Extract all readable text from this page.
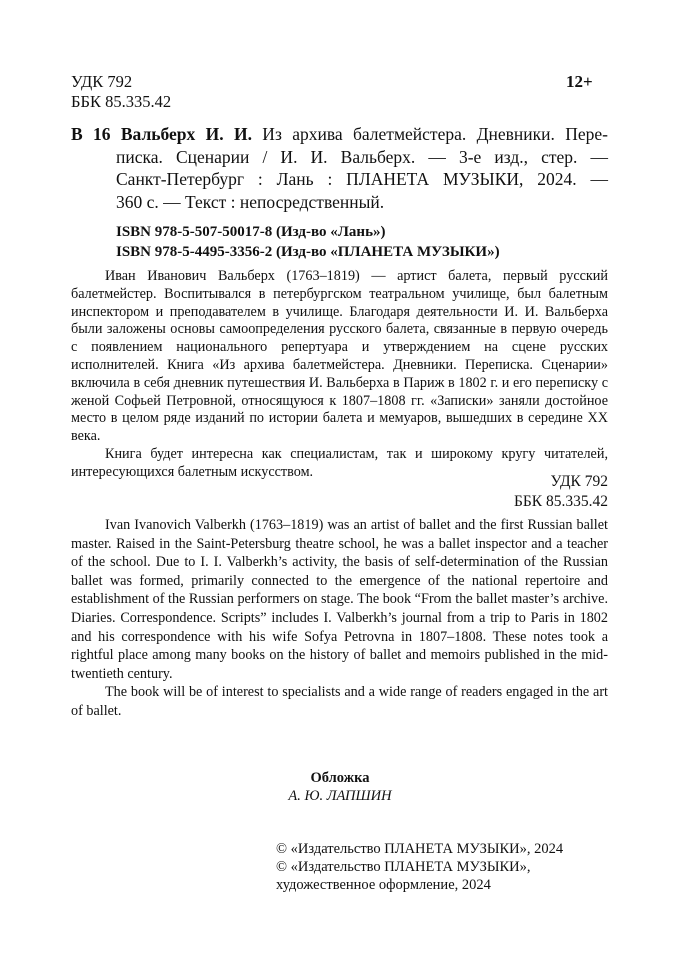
УДК 792
ББК 85.335.42
12+
В 16 Вальберх И. И. Из архива балетмейстера. Дневники. Пере-
писка. Сценарии / И. И. Вальберх. — 3-е изд., стер. —
Санкт-Петербург : Лань : ПЛАНЕТА МУЗЫКИ, 2024. —
360 с. — Текст : непосредственный.
ISBN 978-5-507-50017-8 (Изд-во «Лань»)
ISBN 978-5-4495-3356-2 (Изд-во «ПЛАНЕТА МУЗЫКИ»)

Иван Иванович Вальберх (1763–1819) — артист балета, первый русский балетмейстер. Воспитывался в петербургском театральном училище, был балетным инспектором и преподавателем в училище. Благодаря деятельности И. И. Вальберха были заложены основы самоопределения русского балета, связанные в первую очередь с появлением национального репертуара и утверждением на сцене русских исполнителей. Книга «Из архива балетмейстера. Дневники. Переписка. Сценарии» включила в себя дневник путешествия И. Вальберха в Париж в 1802 г. и его переписку с женой Софьей Петровной, относящуюся к 1807–1808 гг. «Записки» заняли достойное место в целом ряде изданий по истории балета и мемуаров, вышедших в середине XX века.

Книга будет интересна как специалистам, так и широкому кругу читателей, интересующихся балетным искусством.

УДК 792
ББК 85.335.42

Ivan Ivanovich Valberkh (1763–1819) was an artist of ballet and the first Russian ballet master. Raised in the Saint-Petersburg theatre school, he was a ballet inspector and a teacher of the school. Due to I. I. Valberkh’s activity, the basis of self-determination of the Russian ballet was formed, primarily connected to the emergence of the national repertoire and establishment of the Russian performers on stage. The book “From the ballet master’s archive. Diaries. Correspondence. Scripts” includes I. Valberkh’s journal from a trip to Paris in 1802 and his correspondence with his wife Sofya Petrovna in 1807–1808. These notes took a rightful place among many books on the history of ballet and memoirs published in the mid-twentieth century.

The book will be of interest to specialists and a wide range of readers engaged in the art of ballet.

Обложка
А. Ю. ЛАПШИН
© «Издательство ПЛАНЕТА МУЗЫКИ», 2024
© «Издательство ПЛАНЕТА МУЗЫКИ»,
художественное оформление, 2024
